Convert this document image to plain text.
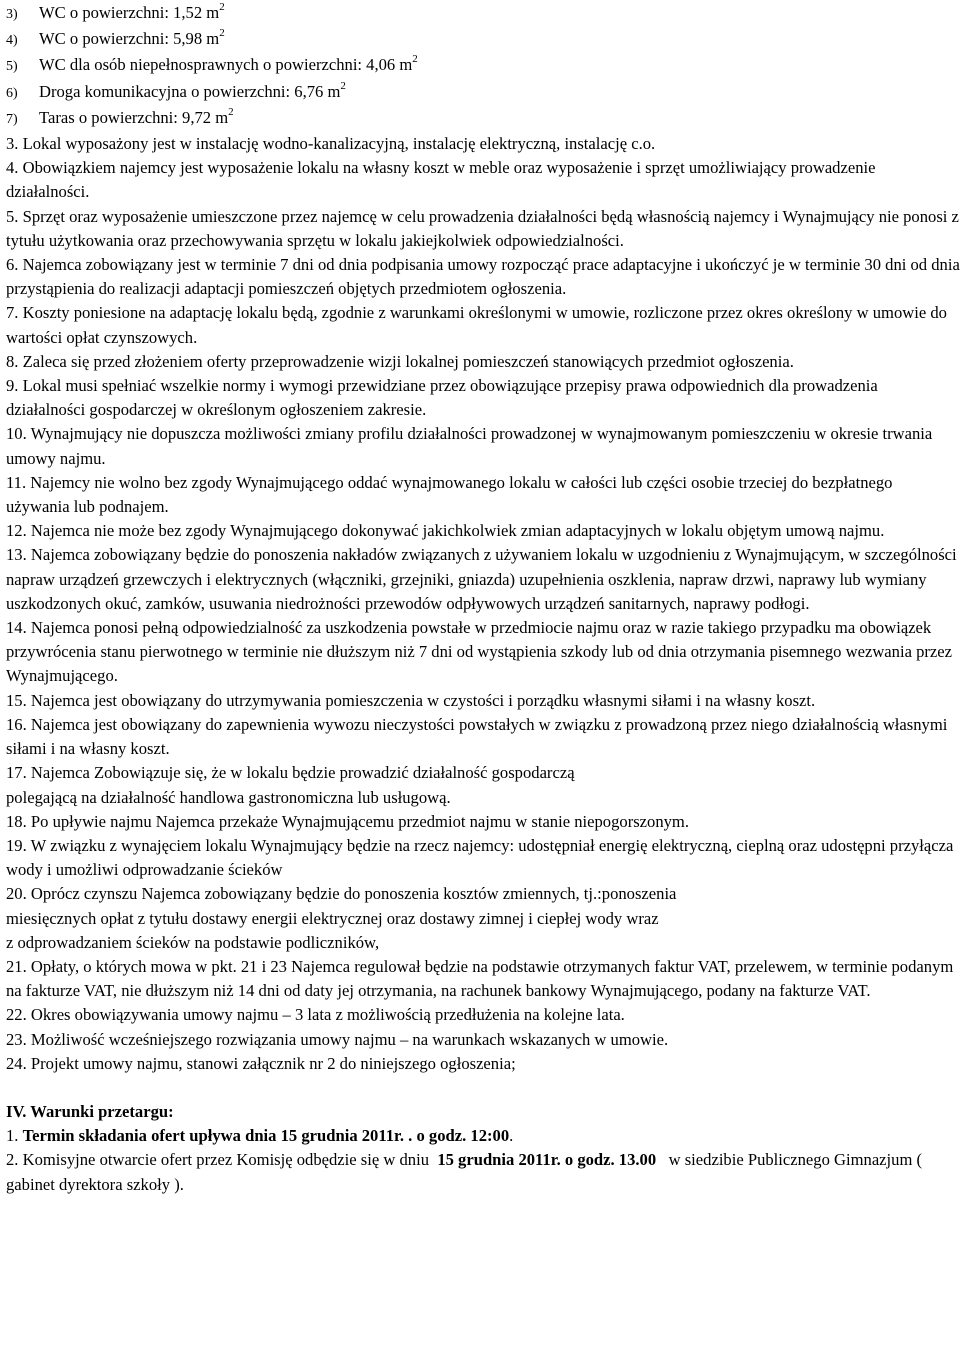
3) WC o powierzchni: 1,52 $m^2$
4) WC o powierzchni: 5,98 $m^2$
5) WC dla osób niepełnosprawnych o powierzchni: 4,06 $m^2$
6) Droga komunikacyjna o powierzchni: 6,76 $m^2$
7) Taras o powierzchni: 9,72 $m^2$
3. Lokal wyposażony jest w instalację wodno-kanalizacyjną, instalację elektryczną, instalację c.o.
4. Obowiązkiem najemcy jest wyposażenie lokalu na własny koszt w meble oraz wyposażenie i sprzęt umożliwiający prowadzenie działalności.
5. Sprzęt oraz wyposażenie umieszczone przez najemcę w celu prowadzenia działalności będą własnością najemcy i Wynajmujący nie ponosi z tytułu użytkowania oraz przechowywania sprzętu w lokalu jakiejkolwiek odpowiedzialności.
6. Najemca zobowiązany jest w terminie 7 dni od dnia podpisania umowy rozpocząć prace adaptacyjne i ukończyć je w terminie 30 dni od dnia przystąpienia do realizacji adaptacji pomieszczeń objętych przedmiotem ogłoszenia.
7. Koszty poniesione na adaptację lokalu będą, zgodnie z warunkami określonymi w umowie, rozliczone przez okres określony w umowie do wartości opłat czynszowych.
8. Zaleca się przed złożeniem oferty przeprowadzenie wizji lokalnej pomieszczeń stanowiących przedmiot ogłoszenia.
9. Lokal musi spełniać wszelkie normy i wymogi przewidziane przez obowiązujące przepisy prawa odpowiednich dla prowadzenia działalności gospodarczej w określonym ogłoszeniem zakresie.
10. Wynajmujący nie dopuszcza możliwości zmiany profilu działalności prowadzonej w wynajmowanym pomieszczeniu w okresie trwania umowy najmu.
11. Najemcy nie wolno bez zgody Wynajmującego oddać wynajmowanego lokalu w całości lub części osobie trzeciej do bezpłatnego używania lub podnajem.
12. Najemca nie może bez zgody Wynajmującego dokonywać jakichkolwiek zmian adaptacyjnych w lokalu objętym umową najmu.
13. Najemca zobowiązany będzie do ponoszenia nakładów związanych z używaniem lokalu w uzgodnieniu z Wynajmującym, w szczególności napraw urządzeń grzewczych i elektrycznych (włączniki, grzejniki, gniazda) uzupełnienia oszklenia, napraw drzwi, naprawy lub wymiany uszkodzonych okuć, zamków, usuwania niedrożności przewodów odpływowych urządzeń sanitarnych, naprawy podłogi.
14. Najemca ponosi pełną odpowiedzialność za uszkodzenia powstałe w przedmiocie najmu oraz w razie takiego przypadku ma obowiązek przywrócenia stanu pierwotnego w terminie nie dłuższym niż 7 dni od wystąpienia szkody lub od dnia otrzymania pisemnego wezwania przez Wynajmującego.
15. Najemca jest obowiązany do utrzymywania pomieszczenia w czystości i porządku własnymi siłami i na własny koszt.
16. Najemca jest obowiązany do zapewnienia wywozu nieczystości powstałych w związku z prowadzoną przez niego działalnością własnymi siłami i na własny koszt.
17. Najemca Zobowiązuje się, że w lokalu będzie prowadzić działalność gospodarczą
polegającą na działalność handlowa gastronomiczna lub usługową.
18. Po upływie najmu Najemca przekaże Wynajmującemu przedmiot najmu w stanie niepogorszonym.
19. W związku z wynajęciem lokalu Wynajmujący będzie na rzecz najemcy: udostępniał energię elektryczną, cieplną oraz udostępni przyłącza wody i umożliwi odprowadzanie ścieków
20. Oprócz czynszu Najemca zobowiązany będzie do ponoszenia kosztów zmiennych, tj.:ponoszenia
miesięcznych opłat z tytułu dostawy energii elektrycznej oraz dostawy zimnej i ciepłej wody wraz
z odprowadzaniem ścieków na podstawie podliczników,
21. Opłaty, o których mowa w pkt. 21 i 23 Najemca regulował będzie na podstawie otrzymanych faktur VAT, przelewem, w terminie podanym na fakturze VAT, nie dłuższym niż 14 dni od daty jej otrzymania, na rachunek bankowy Wynajmującego, podany na fakturze VAT.
22. Okres obowiązywania umowy najmu – 3 lata z możliwością przedłużenia na kolejne lata.
23. Możliwość wcześniejszego rozwiązania umowy najmu – na warunkach wskazanych w umowie.
24. Projekt umowy najmu, stanowi załącznik nr 2 do niniejszego ogłoszenia;
IV. Warunki przetargu:
1. Termin składania ofert upływa dnia 15 grudnia 2011r. . o godz. 12:00.
2. Komisyjne otwarcie ofert przez Komisję odbędzie się w dniu  15 grudnia 2011r. o godz. 13.00   w siedzibie Publicznego Gimnazjum ( gabinet dyrektora szkoły ).
